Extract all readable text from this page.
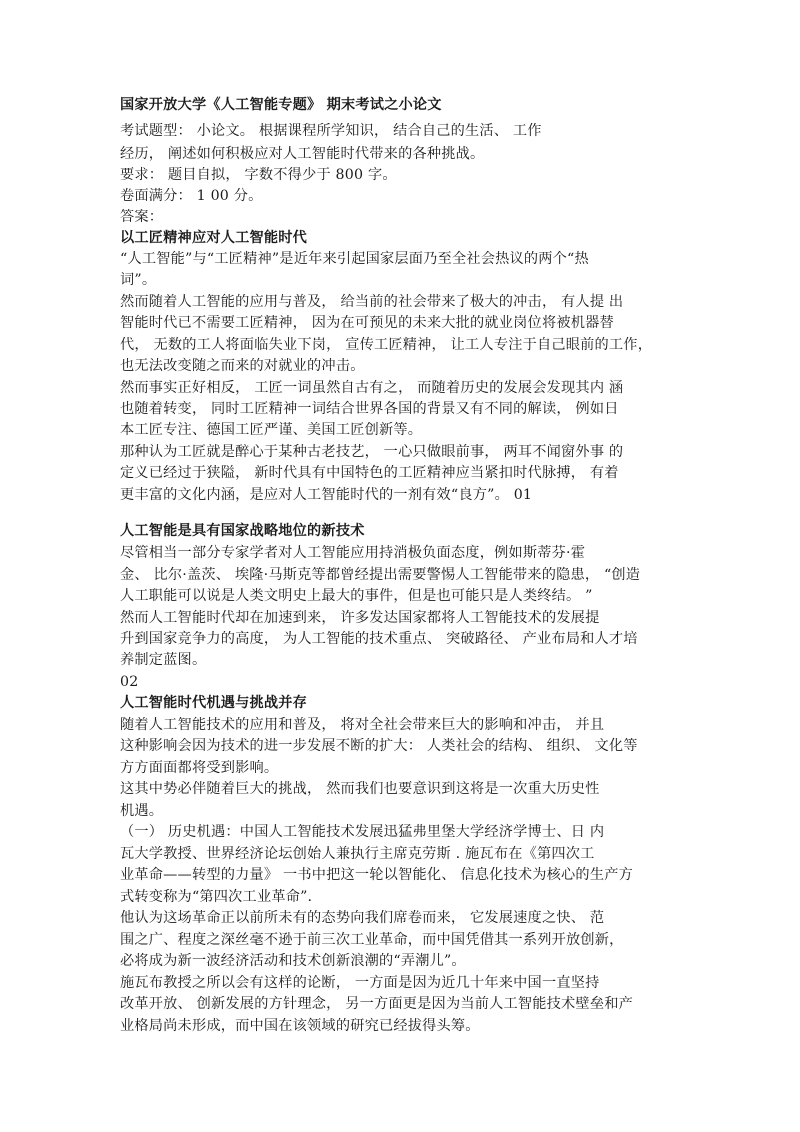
国家开放大学《人工智能专题》 期末考试之小论文
考试题型： 小论文。 根据课程所学知识， 结合自己的生活、 工作
经历， 阐述如何积极应对人工智能时代带来的各种挑战。
要求： 题目自拟， 字数不得少于 800 字。
卷面满分： 1 00 分。
答案：
以工匠精神应对人工智能时代
“人工智能”与“工匠精神”是近年来引起国家层面乃至全社会热议的两个“热
词”。
然而随着人工智能的应用与普及， 给当前的社会带来了极大的冲击， 有人提 出
智能时代已不需要工匠精神， 因为在可预见的未来大批的就业岗位将被机器替
代， 无数的工人将面临失业下岗， 宣传工匠精神， 让工人专注于自己眼前的工作，
也无法改变随之而来的对就业的冲击。
然而事实正好相反， 工匠一词虽然自古有之， 而随着历史的发展会发现其内 涵
也随着转变， 同时工匠精神一词结合世界各国的背景又有不同的解读， 例如日
本工匠专注、德国工匠严谨、美国工匠创新等。
那种认为工匠就是醉心于某种古老技艺， 一心只做眼前事， 两耳不闻窗外事 的
定义已经过于狭隘， 新时代具有中国特色的工匠精神应当紧扣时代脉搏， 有着
更丰富的文化内涵，是应对人工智能时代的一剂有效“良方”。 01
人工智能是具有国家战略地位的新技术
尽管相当一部分专家学者对人工智能应用持消极负面态度，例如斯蒂芬·霍
金、 比尔·盖茨、 埃隆·马斯克等都曾经提出需要警惕人工智能带来的隐患， “创造
人工职能可以说是人类文明史上最大的事件，但是也可能只是人类终结。 ”
然而人工智能时代却在加速到来， 许多发达国家都将人工智能技术的发展提
升到国家竞争力的高度， 为人工智能的技术重点、 突破路径、 产业布局和人才培
养制定蓝图。
02
人工智能时代机遇与挑战并存
随着人工智能技术的应用和普及， 将对全社会带来巨大的影响和冲击， 并且
这种影响会因为技术的进一步发展不断的扩大： 人类社会的结构、 组织、 文化等
方方面面都将受到影响。
这其中势必伴随着巨大的挑战， 然而我们也要意识到这将是一次重大历史性
机遇。
（一） 历史机遇：中国人工智能技术发展迅猛弗里堡大学经济学博士、日 内
瓦大学教授、世界经济论坛创始人兼执行主席克劳斯 . 施瓦布在《第四次工
业革命——转型的力量》 一书中把这一轮以智能化、 信息化技术为核心的生产方
式转变称为“第四次工业革命”.
他认为这场革命正以前所未有的态势向我们席卷而来， 它发展速度之快、 范
围之广、程度之深丝毫不逊于前三次工业革命，而中国凭借其一系列开放创新，
必将成为新一波经济活动和技术创新浪潮的“弄潮儿”。
施瓦布教授之所以会有这样的论断， 一方面是因为近几十年来中国一直坚持
改革开放、 创新发展的方针理念， 另一方面更是因为当前人工智能技术壁垒和产
业格局尚未形成，而中国在该领域的研究已经拔得头筹。
